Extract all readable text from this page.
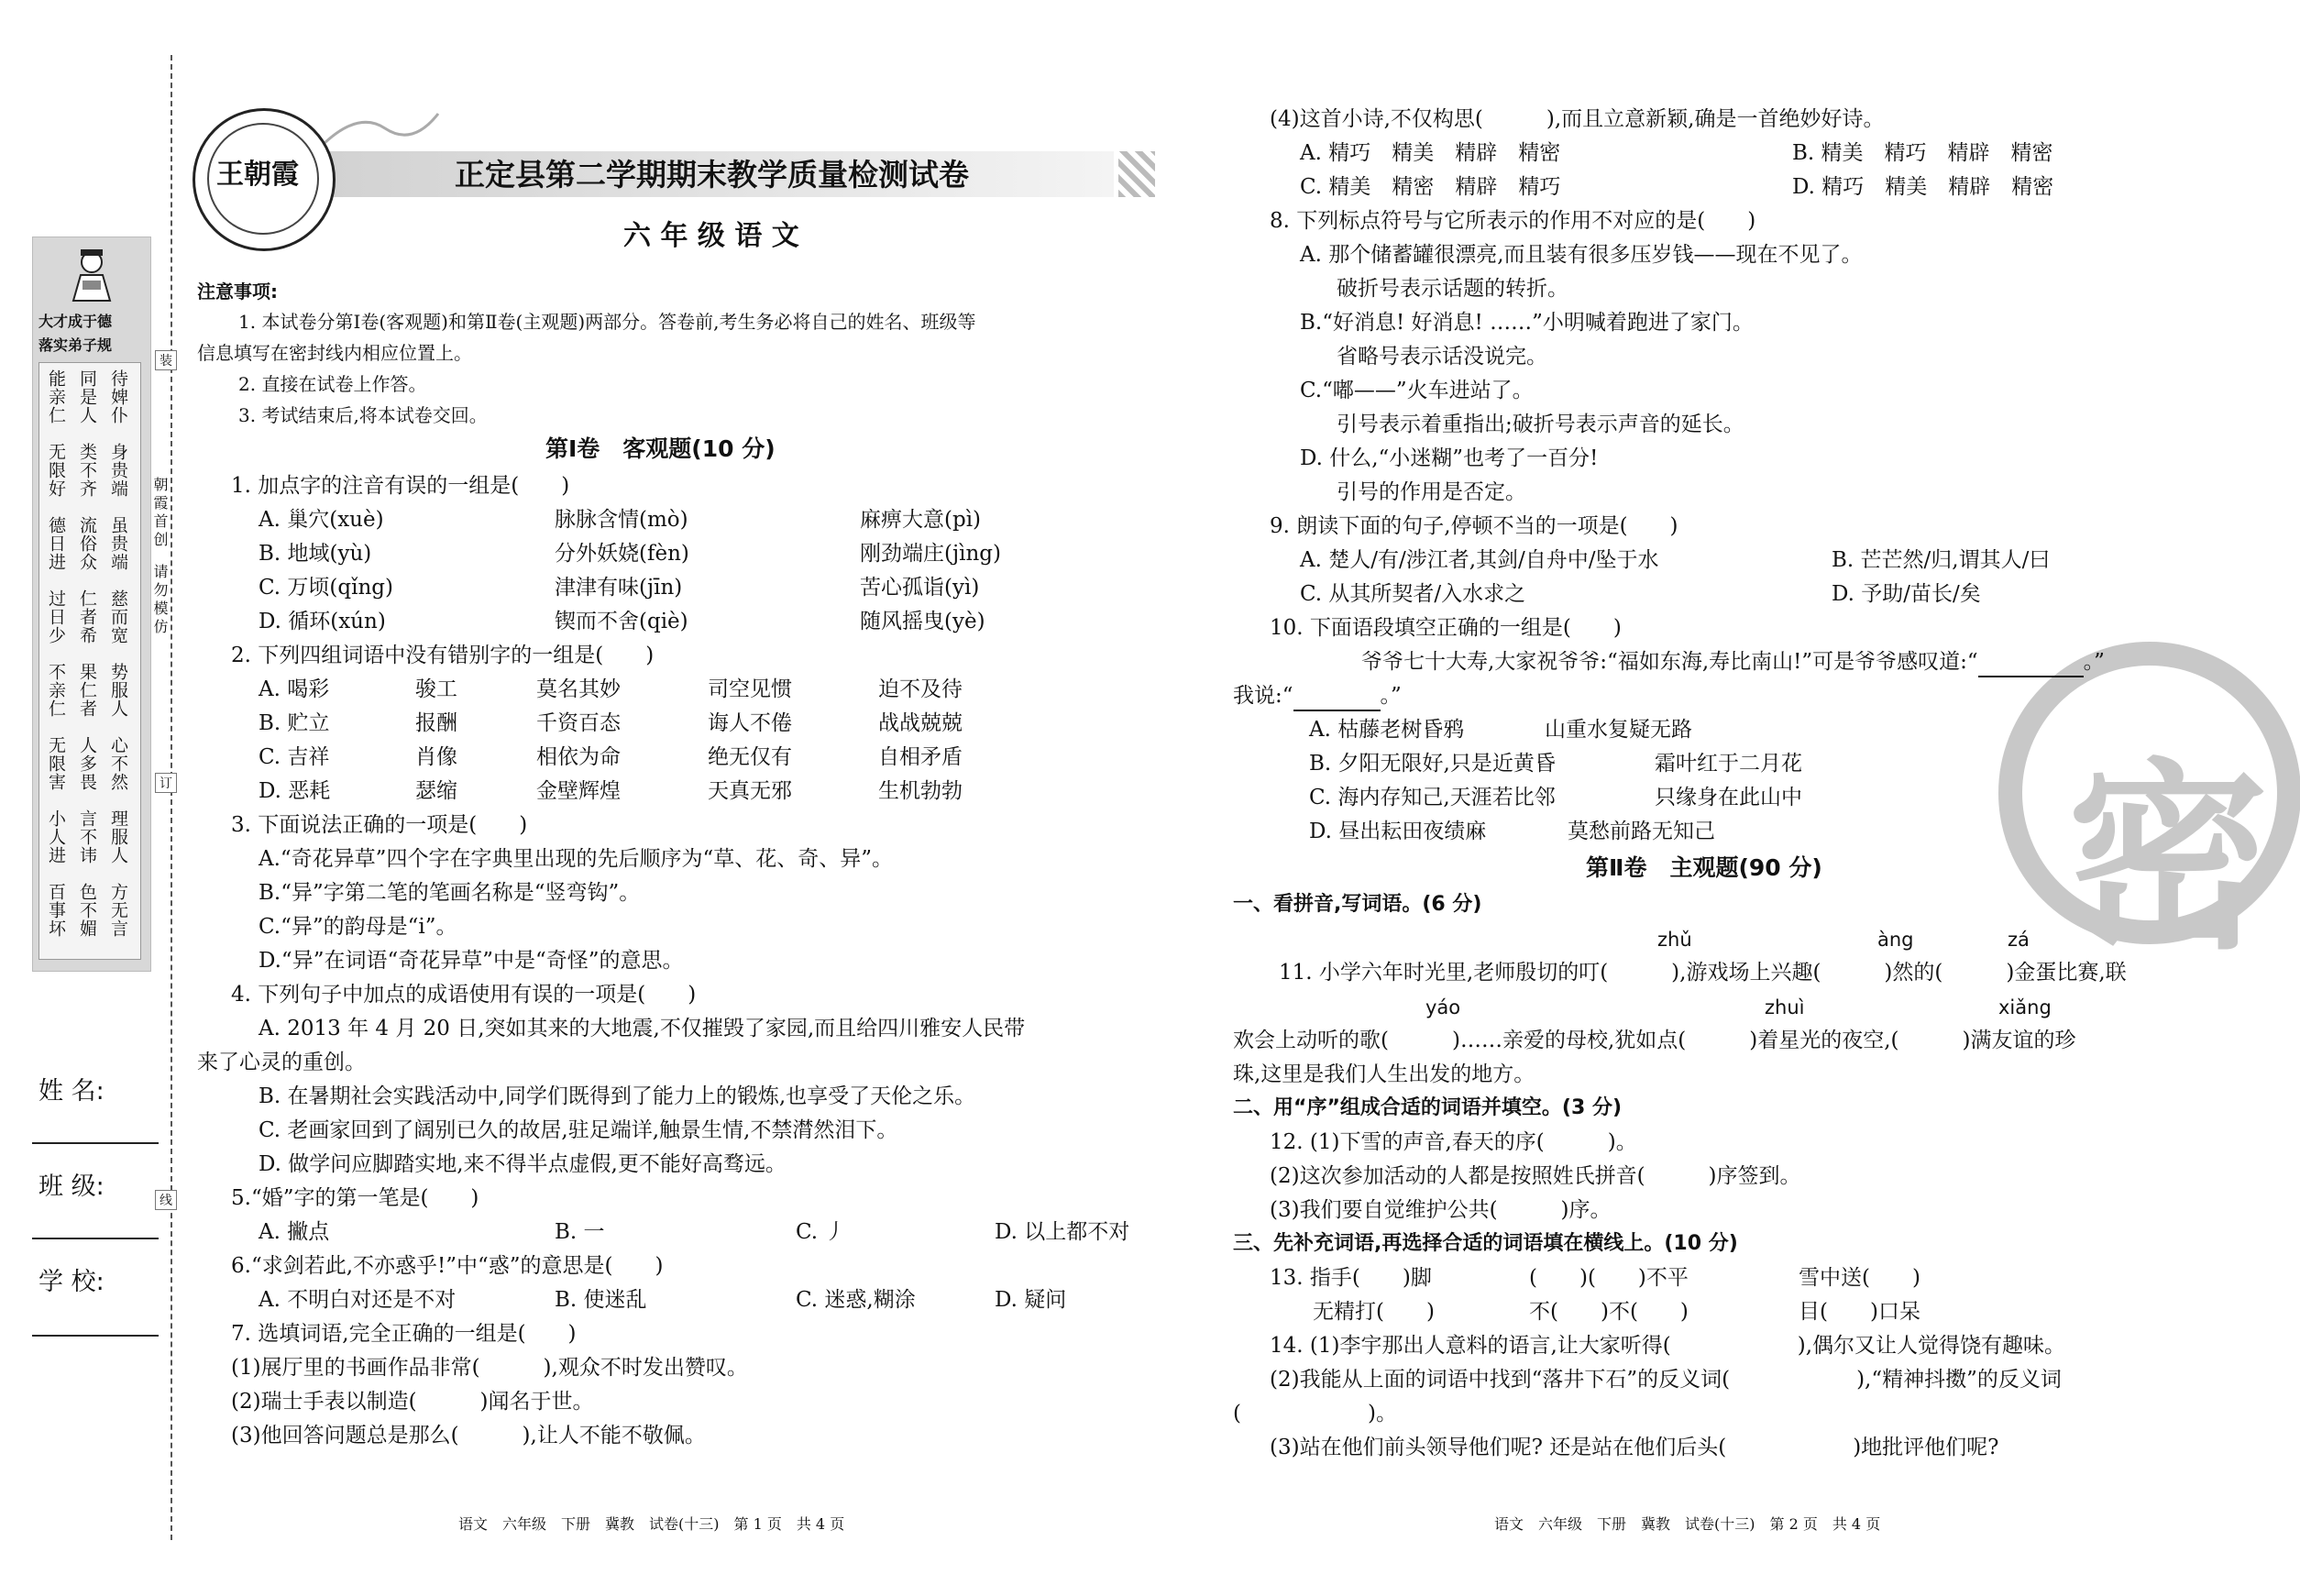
大才成于德
落实弟子规
待婢仆
同是人
能亲仁
身贵端
类不齐
无限好
虽贵端
流俗众
德日进
慈而宽
仁者希
过日少
势服人
果仁者
不亲仁
心不然
人多畏
无限害
理服人
言不讳
小人进
方无言
色不媚
百事坏
装
订
线
朝霞首创
请勿模仿
姓 名:
班 级:
学 校:
王朝霞	正定县第二学期期末教学质量检测试卷
六 年 级 语 文
注意事项:
1. 本试卷分第Ⅰ卷(客观题)和第Ⅱ卷(主观题)两部分。答卷前,考生务必将自己的姓名、班级等
信息填写在密封线内相应位置上。
2. 直接在试卷上作答。
3. 考试结束后,将本试卷交回。
第Ⅰ卷　客观题(10 分)
1. 加点字的注音有误的一组是(　　)
A. 巢穴(xuè)	脉脉含情(mò)	麻痹大意(pì)
B. 地域(yù)	分外妖娆(fèn)	刚劲端庄(jìng)
C. 万顷(qǐng)	津津有味(jīn)	苦心孤诣(yì)
D. 循环(xún)	锲而不舍(qiè)	随风摇曳(yè)
2. 下列四组词语中没有错别字的一组是(　　)
A. 喝彩	骏工	莫名其妙	司空见惯	迫不及待
B. 贮立	报酬	千资百态	诲人不倦	战战兢兢
C. 吉祥	肖像	相依为命	绝无仅有	自相矛盾
D. 恶耗	瑟缩	金壁辉煌	天真无邪	生机勃勃
3. 下面说法正确的一项是(　　)
A.“奇花异草”四个字在字典里出现的先后顺序为“草、花、奇、异”。
B.“异”字第二笔的笔画名称是“竖弯钩”。
C.“异”的韵母是“i”。
D.“异”在词语“奇花异草”中是“奇怪”的意思。
4. 下列句子中加点的成语使用有误的一项是(　　)
A. 2013 年 4 月 20 日,突如其来的大地震,不仅摧毁了家园,而且给四川雅安人民带
来了心灵的重创。
B. 在暑期社会实践活动中,同学们既得到了能力上的锻炼,也享受了天伦之乐。
C. 老画家回到了阔别已久的故居,驻足端详,触景生情,不禁潸然泪下。
D. 做学问应脚踏实地,来不得半点虚假,更不能好高骛远。
5.“婚”字的第一笔是(　　)
A. 撇点	B. 一	C. 丿	D. 以上都不对
6.“求剑若此,不亦惑乎!”中“惑”的意思是(　　)
A. 不明白对还是不对	B. 使迷乱	C. 迷惑,糊涂	D. 疑问
7. 选填词语,完全正确的一组是(　　)
(1)展厅里的书画作品非常(　　　),观众不时发出赞叹。
(2)瑞士手表以制造(　　　)闻名于世。
(3)他回答问题总是那么(　　　),让人不能不敬佩。
语文　六年级　下册　冀教　试卷(十三)　第 1 页　共 4 页
密
(4)这首小诗,不仅构思(　　　),而且立意新颖,确是一首绝妙好诗。
A. 精巧　精美　精辟　精密	B. 精美　精巧　精辟　精密
C. 精美　精密　精辟　精巧	D. 精巧　精美　精辟　精密
8. 下列标点符号与它所表示的作用不对应的是(　　)
A. 那个储蓄罐很漂亮,而且装有很多压岁钱——现在不见了。
破折号表示话题的转折。
B.“好消息! 好消息! ……”小明喊着跑进了家门。
省略号表示话没说完。
C.“嘟——”火车进站了。
引号表示着重指出;破折号表示声音的延长。
D. 什么,“小迷糊”也考了一百分!
引号的作用是否定。
9. 朗读下面的句子,停顿不当的一项是(　　)
A. 楚人/有/涉江者,其剑/自舟中/坠于水	B. 芒芒然/归,谓其人/曰
C. 从其所契者/入水求之	D. 予助/苗长/矣
10. 下面语段填空正确的一组是(　　)
爷爷七十大寿,大家祝爷爷:“福如东海,寿比南山!”可是爷爷感叹道:“	。”
我说:“	。”
A. 枯藤老树昏鸦	山重水复疑无路
B. 夕阳无限好,只是近黄昏	霜叶红于二月花
C. 海内存知己,天涯若比邻	只缘身在此山中
D. 昼出耘田夜绩麻	莫愁前路无知己
第Ⅱ卷　主观题(90 分)
一、看拼音,写词语。(6 分)
zhǔ	àng	zá
11. 小学六年时光里,老师殷切的叮(　　　),游戏场上兴趣(　　　)然的(　　　)金蛋比赛,联
yáo	zhuì	xiǎng
欢会上动听的歌(　　　)……亲爱的母校,犹如点(　　　)着星光的夜空,(　　　)满友谊的珍
珠,这里是我们人生出发的地方。
二、用“序”组成合适的词语并填空。(3 分)
12. (1)下雪的声音,春天的序(　　　)。
(2)这次参加活动的人都是按照姓氏拼音(　　　)序签到。
(3)我们要自觉维护公共(　　　)序。
三、先补充词语,再选择合适的词语填在横线上。(10 分)
13. 指手(　　)脚	(　　)(　　)不平	雪中送(　　)
无精打(　　)	不(　　)不(　　)	目(　　)口呆
14. (1)李宇那出人意料的语言,让大家听得(　　　　　　),偶尔又让人觉得饶有趣味。
(2)我能从上面的词语中找到“落井下石”的反义词(　　　　　　),“精神抖擞”的反义词
(　　　　　　)。
(3)站在他们前头领导他们呢? 还是站在他们后头(　　　　　　)地批评他们呢?
语文　六年级　下册　冀教　试卷(十三)　第 2 页　共 4 页
